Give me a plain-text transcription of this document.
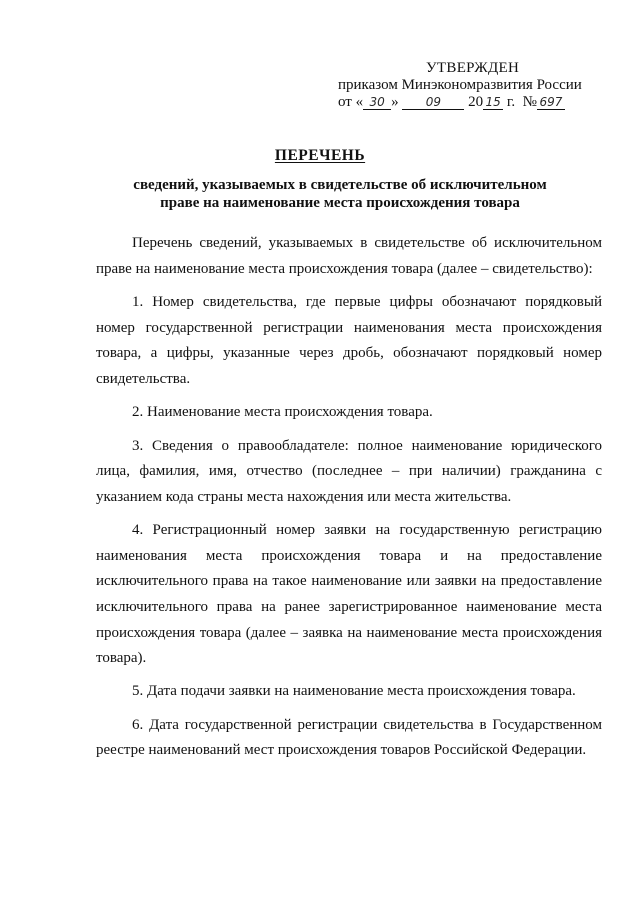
УТВЕРЖДЕН
приказом Минэкономразвития России
от « 30 » 09 20 15 г. № 697
ПЕРЕЧЕНЬ
сведений, указываемых в свидетельстве об исключительном
праве на наименование места происхождения товара

Перечень сведений, указываемых в свидетельстве об исключительном праве на наименование места происхождения товара (далее – свидетельство):

1. Номер свидетельства, где первые цифры обозначают порядковый номер государственной регистрации наименования места происхождения товара, а цифры, указанные через дробь, обозначают порядковый номер свидетельства.

2. Наименование места происхождения товара.

3. Сведения о правообладателе: полное наименование юридического лица, фамилия, имя, отчество (последнее – при наличии) гражданина с указанием кода страны места нахождения или места жительства.

4. Регистрационный номер заявки на государственную регистрацию наименования места происхождения товара и на предоставление исключительного права на такое наименование или заявки на предоставление исключительного права на ранее зарегистрированное наименование места происхождения товара (далее – заявка на наименование места происхождения товара).

5. Дата подачи заявки на наименование места происхождения товара.

6. Дата государственной регистрации свидетельства в Государственном реестре наименований мест происхождения товаров Российской Федерации.
